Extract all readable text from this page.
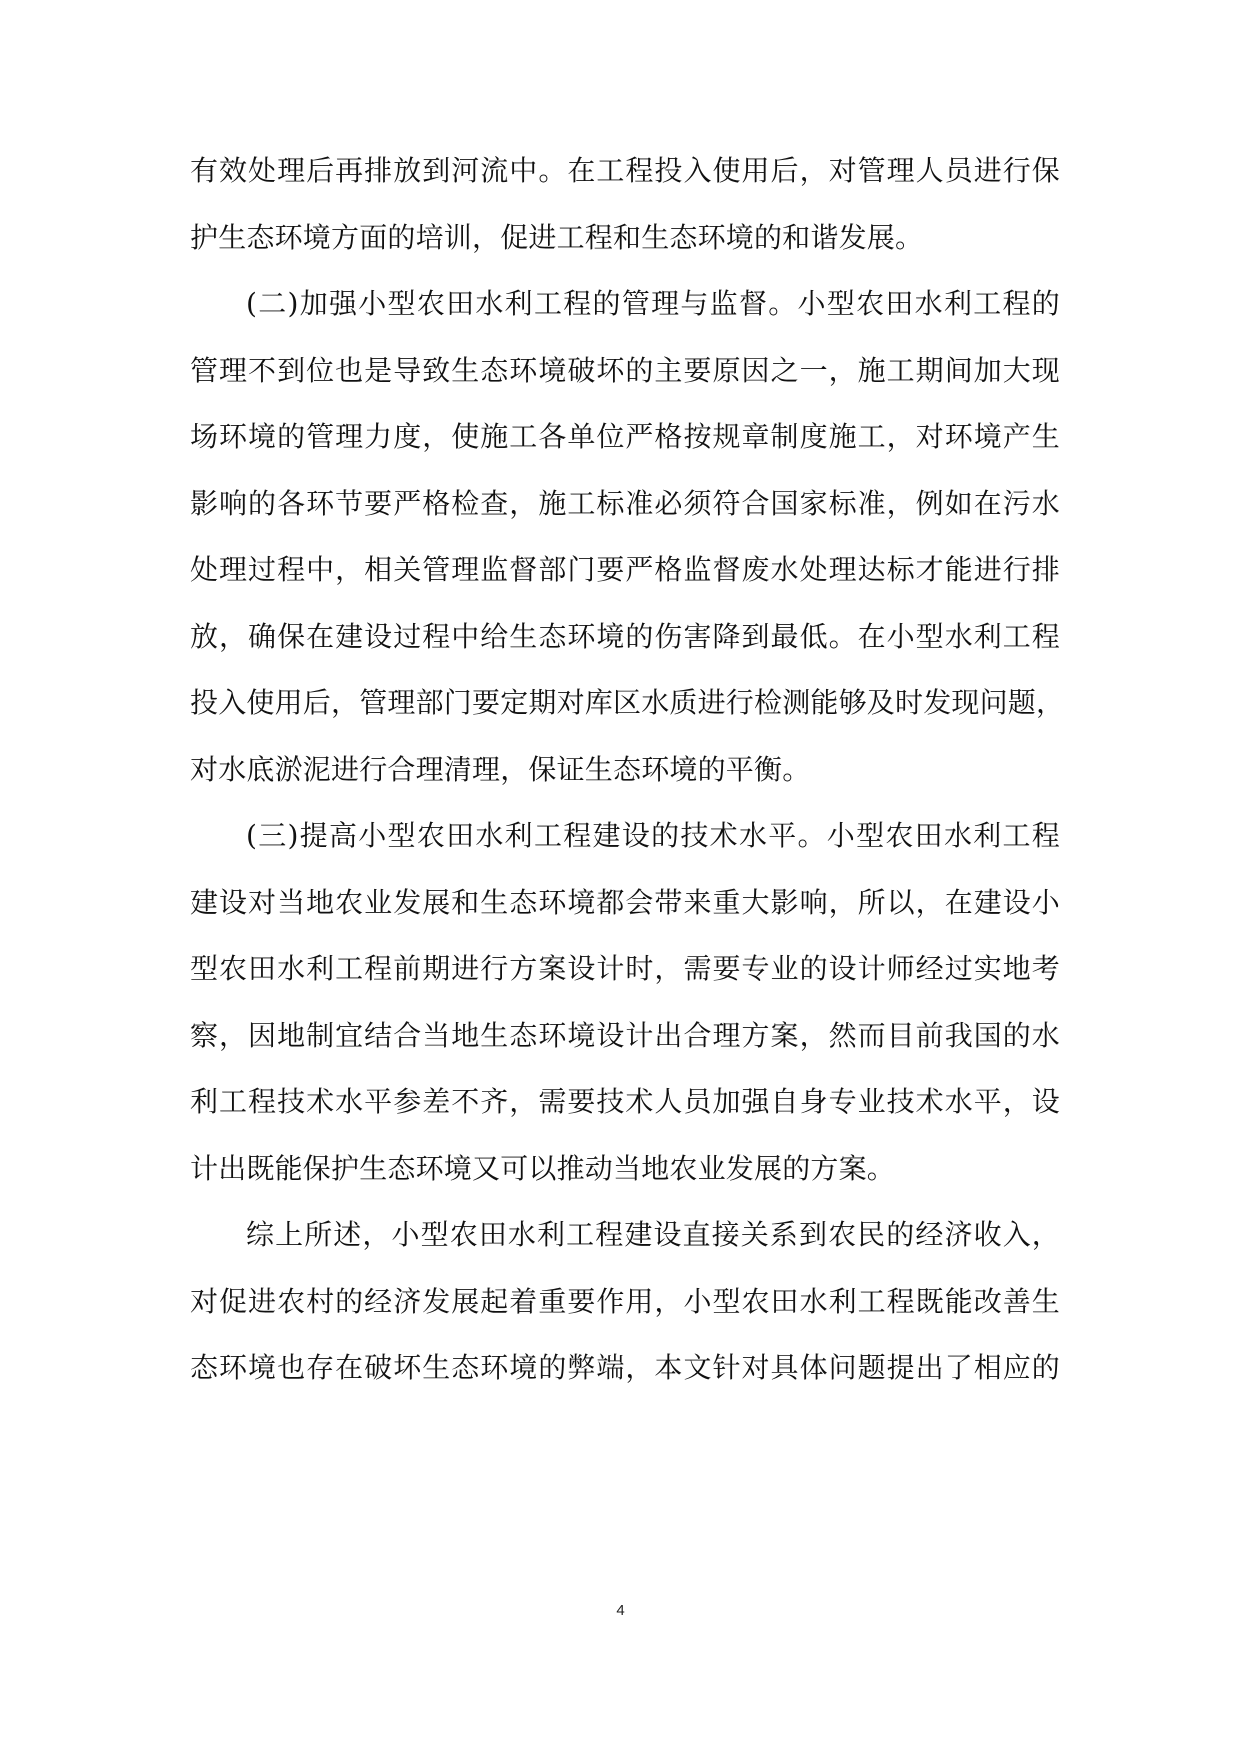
有效处理后再排放到河流中。在工程投入使用后，对管理人员进行保
护生态环境方面的培训，促进工程和生态环境的和谐发展。
(二)加强小型农田水利工程的管理与监督。小型农田水利工程的
管理不到位也是导致生态环境破坏的主要原因之一，施工期间加大现
场环境的管理力度，使施工各单位严格按规章制度施工，对环境产生
影响的各环节要严格检查，施工标准必须符合国家标准，例如在污水
处理过程中，相关管理监督部门要严格监督废水处理达标才能进行排
放，确保在建设过程中给生态环境的伤害降到最低。在小型水利工程
投入使用后，管理部门要定期对库区水质进行检测能够及时发现问题，
对水底淤泥进行合理清理，保证生态环境的平衡。
(三)提高小型农田水利工程建设的技术水平。小型农田水利工程
建设对当地农业发展和生态环境都会带来重大影响，所以，在建设小
型农田水利工程前期进行方案设计时，需要专业的设计师经过实地考
察，因地制宜结合当地生态环境设计出合理方案，然而目前我国的水
利工程技术水平参差不齐，需要技术人员加强自身专业技术水平，设
计出既能保护生态环境又可以推动当地农业发展的方案。
综上所述，小型农田水利工程建设直接关系到农民的经济收入，
对促进农村的经济发展起着重要作用，小型农田水利工程既能改善生
态环境也存在破坏生态环境的弊端，本文针对具体问题提出了相应的
4
